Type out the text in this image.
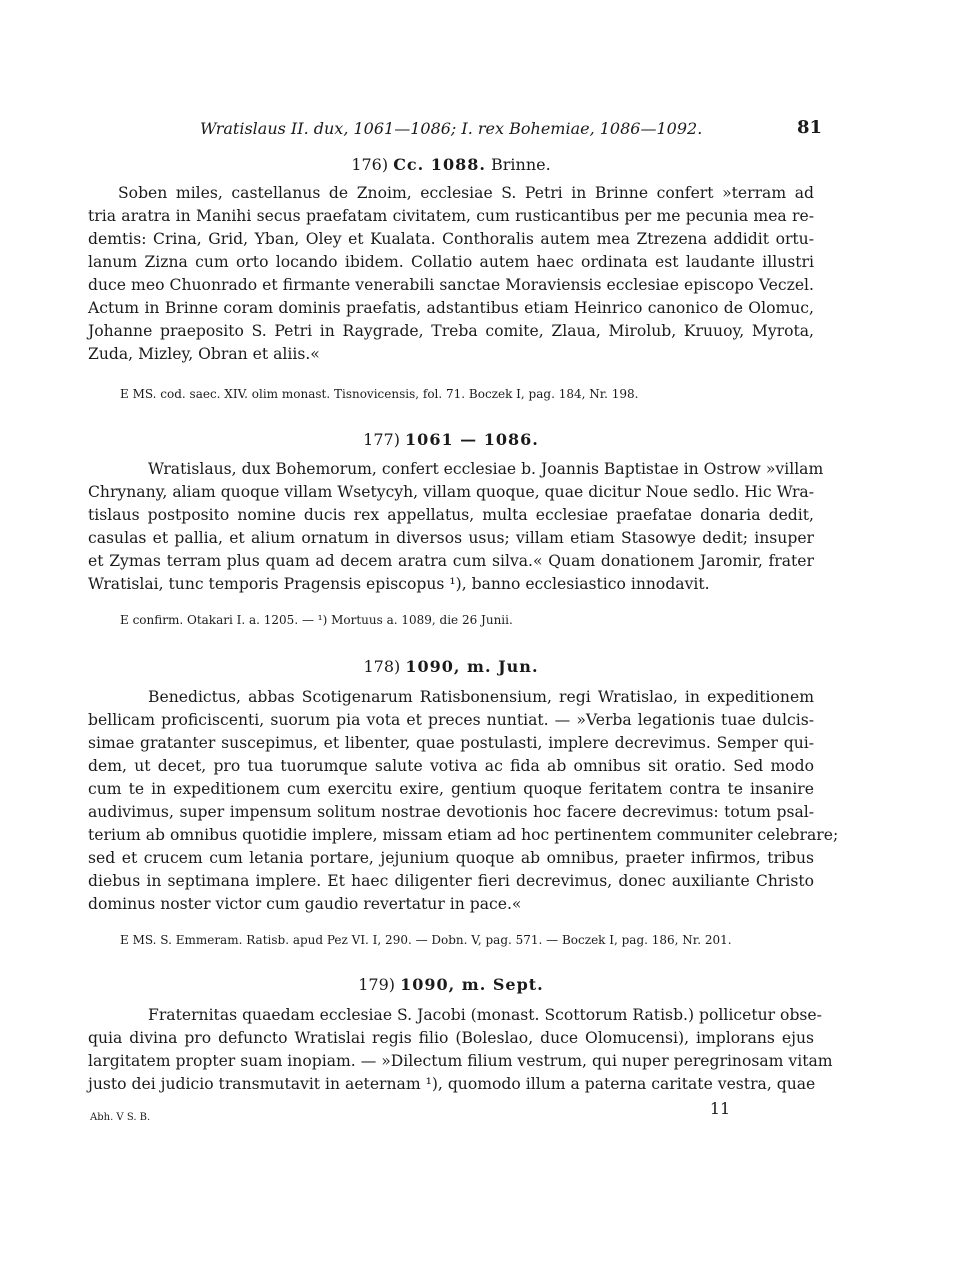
Wratislaus II. dux, 1061—1086; I. rex Bohemiae, 1086—1092.	81
176) Cc. 1088. Brinne.
Soben miles, castellanus de Znoim, ecclesiae S. Petri in Brinne confert »terram ad
tria aratra in Manihi secus praefatam civitatem, cum rusticantibus per me pecunia mea re-
demtis: Crina, Grid, Yban, Oley et Kualata. Conthoralis autem mea Ztrezena addidit ortu-
lanum Zizna cum orto locando ibidem. Collatio autem haec ordinata est laudante illustri
duce meo Chuonrado et firmante venerabili sanctae Moraviensis ecclesiae episcopo Veczel.
Actum in Brinne coram dominis praefatis, adstantibus etiam Heinrico canonico de Olomuc,
Johanne praeposito S. Petri in Raygrade, Treba comite, Zlaua, Mirolub, Kruuoy, Myrota,
Zuda, Mizley, Obran et aliis.«
E MS. cod. saec. XIV. olim monast. Tisnovicensis, fol. 71. Boczek I, pag. 184, Nr. 198.
177) 1061 — 1086.
Wratislaus, dux Bohemorum, confert ecclesiae b. Joannis Baptistae in Ostrow »villam
Chrynany, aliam quoque villam Wsetycyh, villam quoque, quae dicitur Noue sedlo. Hic Wra-
tislaus postposito nomine ducis rex appellatus, multa ecclesiae praefatae donaria dedit,
casulas et pallia, et alium ornatum in diversos usus; villam etiam Stasowye dedit; insuper
et Zymas terram plus quam ad decem aratra cum silva.« Quam donationem Jaromir, frater
Wratislai, tunc temporis Pragensis episcopus ¹), banno ecclesiastico innodavit.
E confirm. Otakari I. a. 1205. — ¹) Mortuus a. 1089, die 26 Junii.
178) 1090, m. Jun.
Benedictus, abbas Scotigenarum Ratisbonensium, regi Wratislao, in expeditionem
bellicam proficiscenti, suorum pia vota et preces nuntiat. — »Verba legationis tuae dulcis-
simae gratanter suscepimus, et libenter, quae postulasti, implere decrevimus. Semper qui-
dem, ut decet, pro tua tuorumque salute votiva ac fida ab omnibus sit oratio. Sed modo
cum te in expeditionem cum exercitu exire, gentium quoque feritatem contra te insanire
audivimus, super impensum solitum nostrae devotionis hoc facere decrevimus: totum psal-
terium ab omnibus quotidie implere, missam etiam ad hoc pertinentem communiter celebrare;
sed et crucem cum letania portare, jejunium quoque ab omnibus, praeter infirmos, tribus
diebus in septimana implere. Et haec diligenter fieri decrevimus, donec auxiliante Christo
dominus noster victor cum gaudio revertatur in pace.«
E MS. S. Emmeram. Ratisb. apud Pez VI. I, 290. — Dobn. V, pag. 571. — Boczek I, pag. 186, Nr. 201.
179) 1090, m. Sept.
Fraternitas quaedam ecclesiae S. Jacobi (monast. Scottorum Ratisb.) pollicetur obse-
quia divina pro defuncto Wratislai regis filio (Boleslao, duce Olomucensi), implorans ejus
largitatem propter suam inopiam. — »Dilectum filium vestrum, qui nuper peregrinosam vitam
justo dei judicio transmutavit in aeternam ¹), quomodo illum a paterna caritate vestra, quae
Abh. V S. B.	11
